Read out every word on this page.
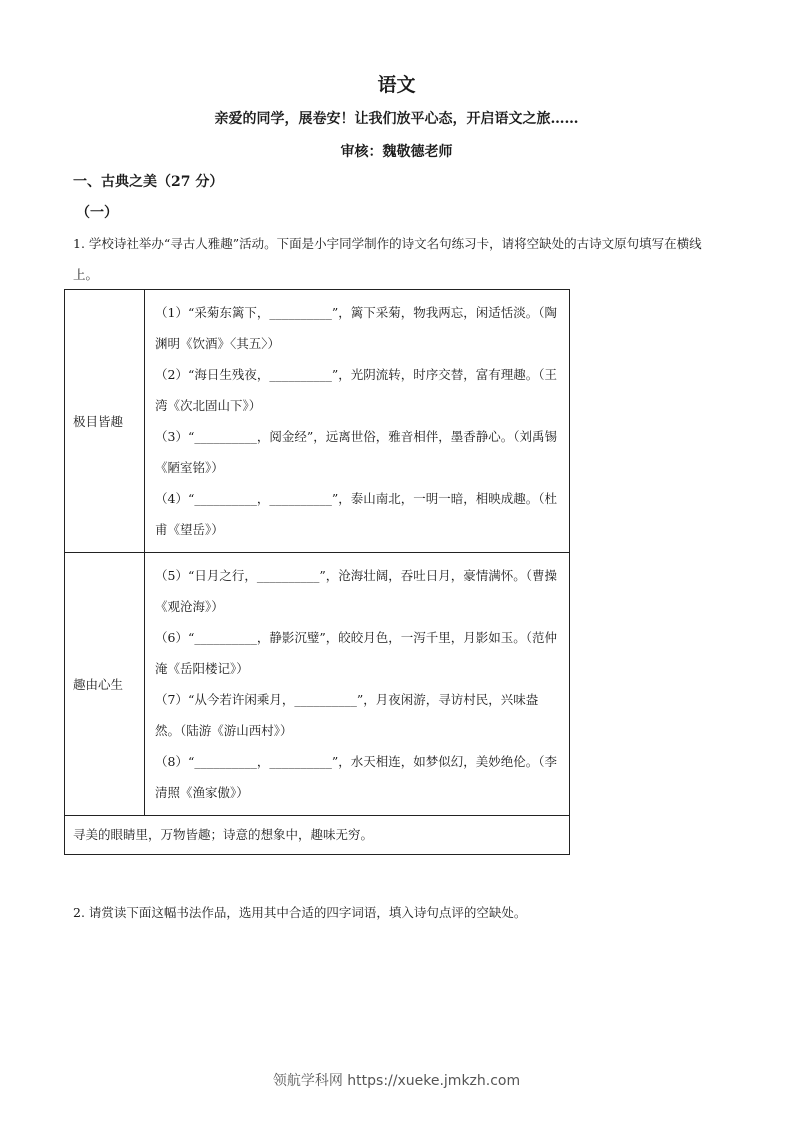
语文
亲爱的同学，展卷安！让我们放平心态，开启语文之旅……
审核：魏敬德老师
一、古典之美（27 分）
（一）
1. 学校诗社举办“寻古人雅趣”活动。下面是小宇同学制作的诗文名句练习卡，请将空缺处的古诗文原句填写在横线上。
极目皆趣	（1）“采菊东篱下，__________”，篱下采菊，物我两忘，闲适恬淡。（陶渊明《饮酒》〈其五〉）

（2）“海日生残夜，__________”，光阴流转，时序交替，富有理趣。（王湾《次北固山下》）

（3）“__________，阅金经”，远离世俗，雅音相伴，墨香静心。（刘禹锡《陋室铭》）

（4）“__________，__________”，泰山南北，一明一暗，相映成趣。（杜甫《望岳》）

趣由心生	（5）“日月之行，__________”，沧海壮阔，吞吐日月，豪情满怀。（曹操《观沧海》）

（6）“__________，静影沉璧”，皎皎月色，一泻千里，月影如玉。（范仲淹《岳阳楼记》）

（7）“从今若许闲乘月，__________”，月夜闲游，寻访村民，兴味盎然。（陆游《游山西村》）

（8）“__________，__________”，水天相连，如梦似幻，美妙绝伦。（李清照《渔家傲》）

寻美的眼睛里，万物皆趣；诗意的想象中，趣味无穷。	
2. 请赏读下面这幅书法作品，选用其中合适的四字词语，填入诗句点评的空缺处。
领航学科网 https://xueke.jmkzh.com
